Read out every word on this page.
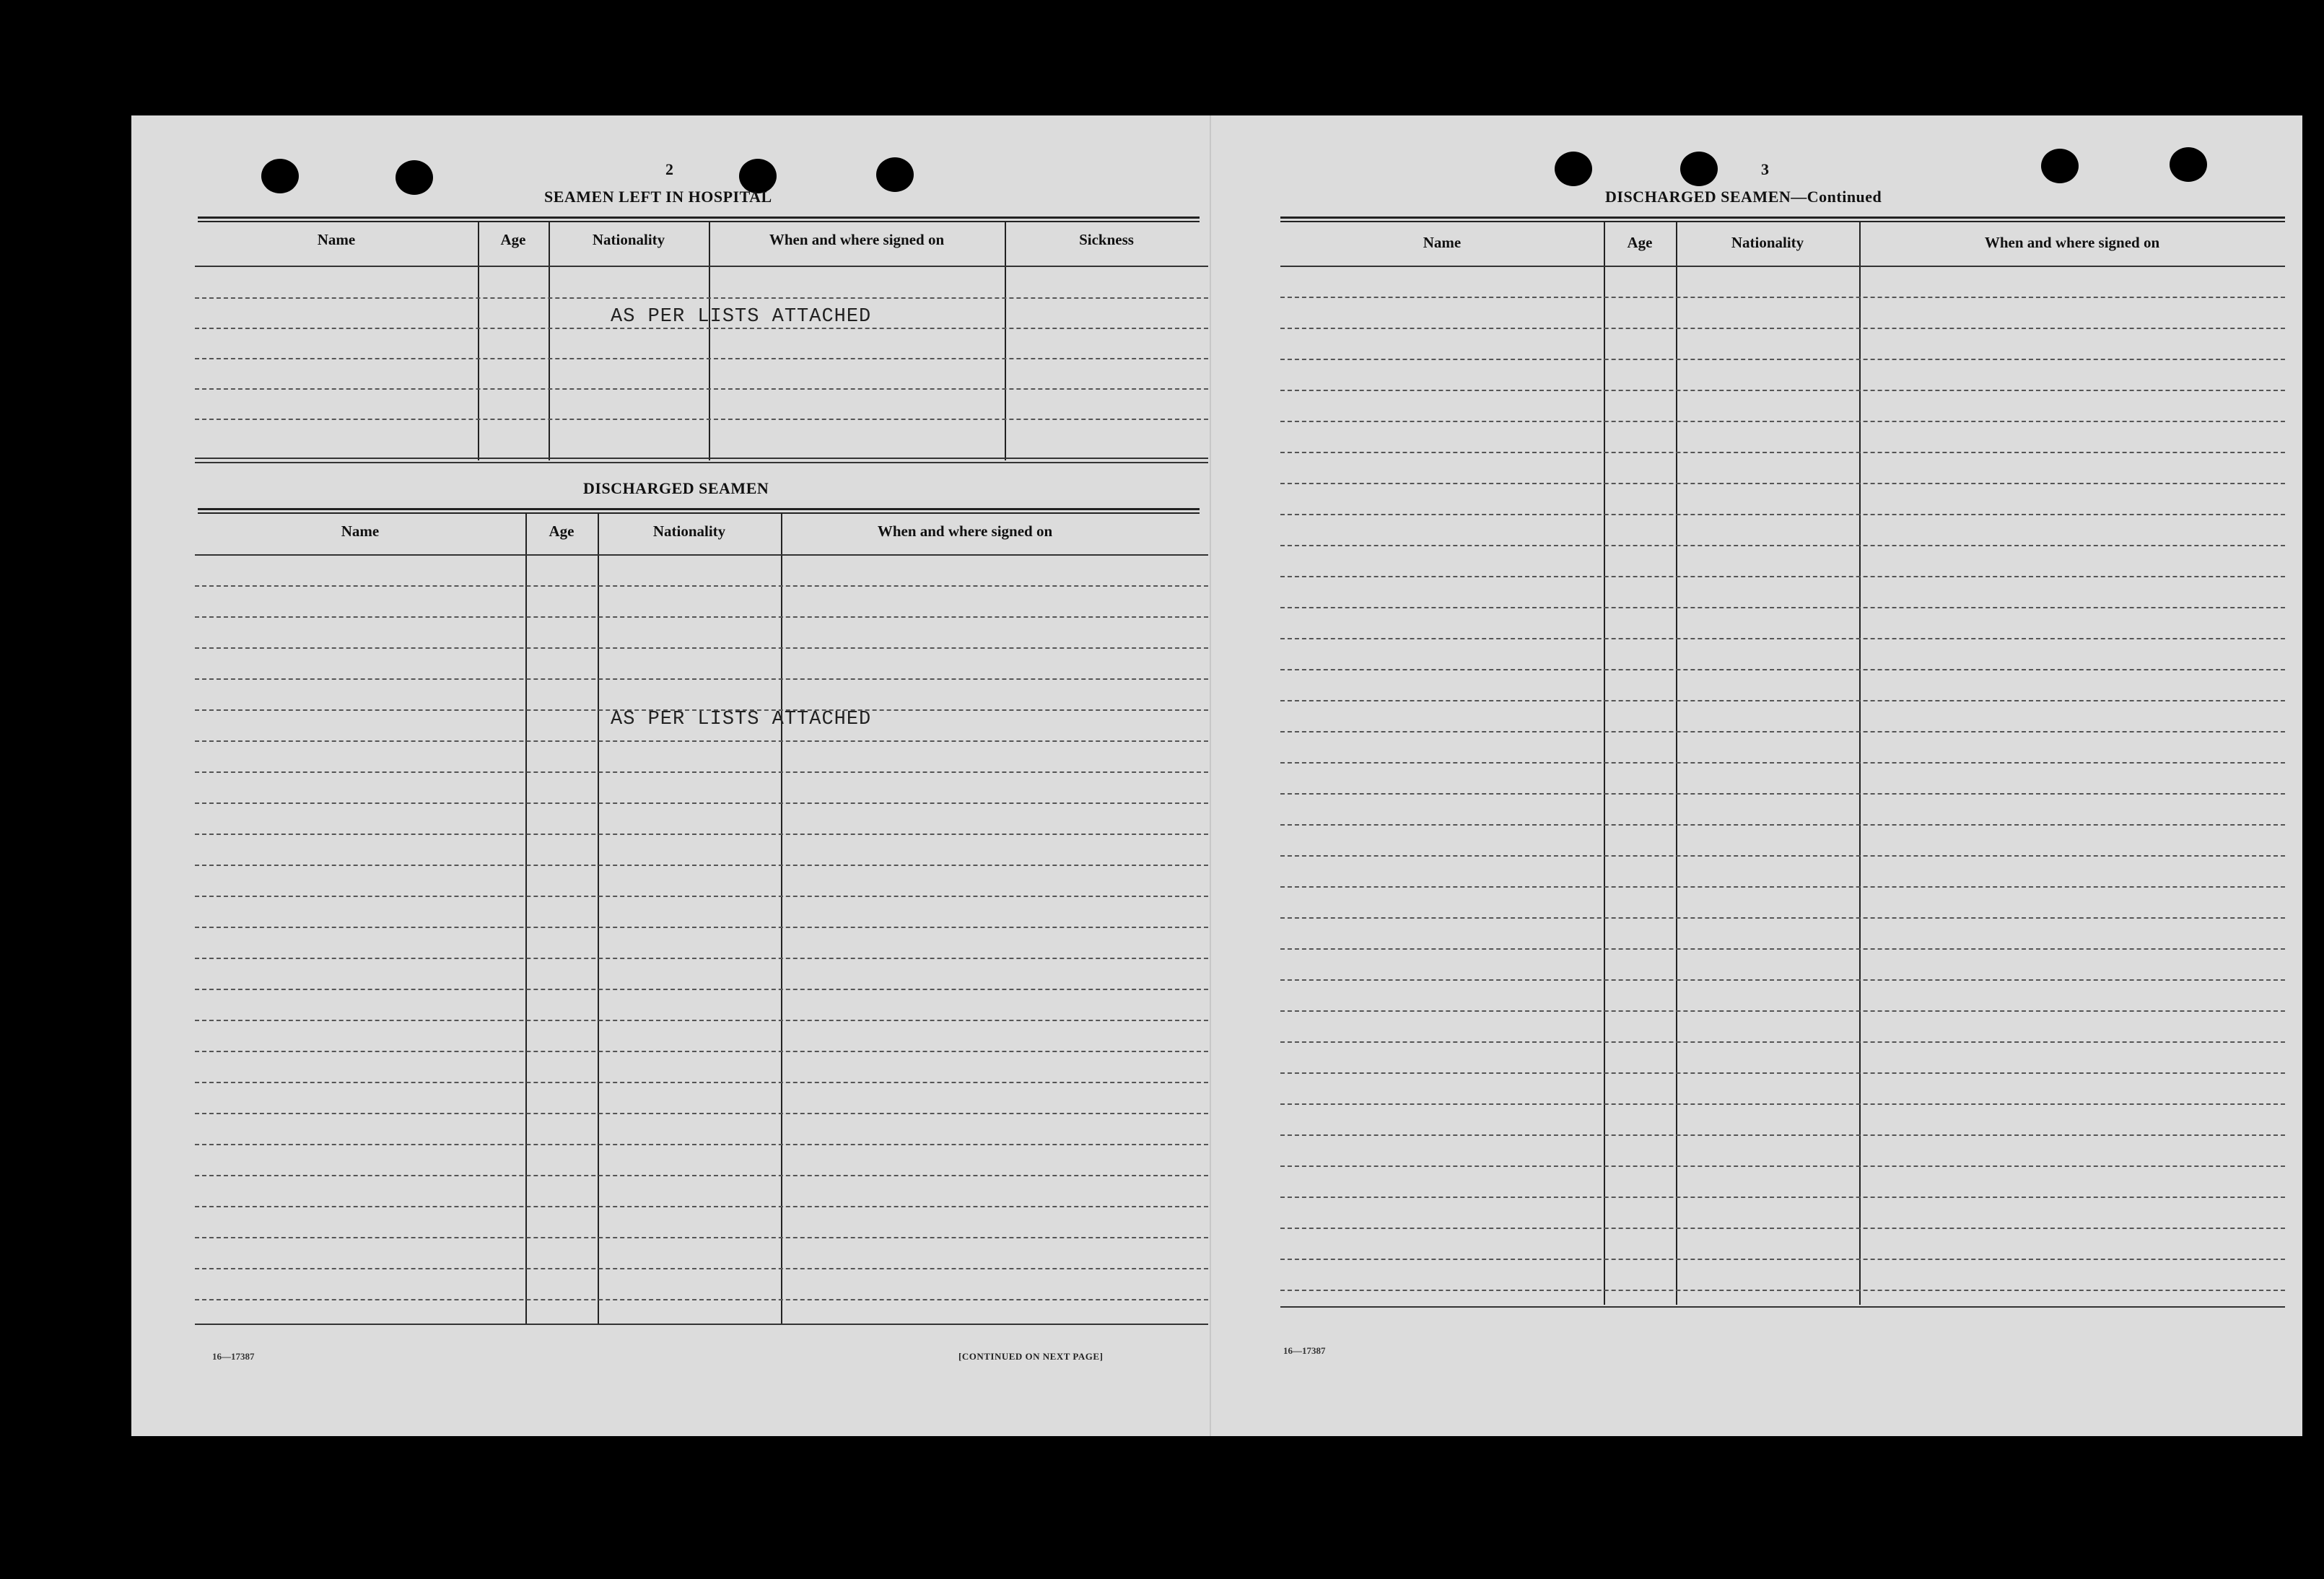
2
SEAMEN LEFT IN HOSPITAL
Name	Age	Nationality	When and where signed on	Sickness
AS PER LISTS ATTACHED
DISCHARGED SEAMEN
Name	Age	Nationality	When and where signed on
AS PER LISTS ATTACHED
16—17387	[CONTINUED ON NEXT PAGE]
3
DISCHARGED SEAMEN—Continued
Name	Age	Nationality	When and where signed on
16—17387
